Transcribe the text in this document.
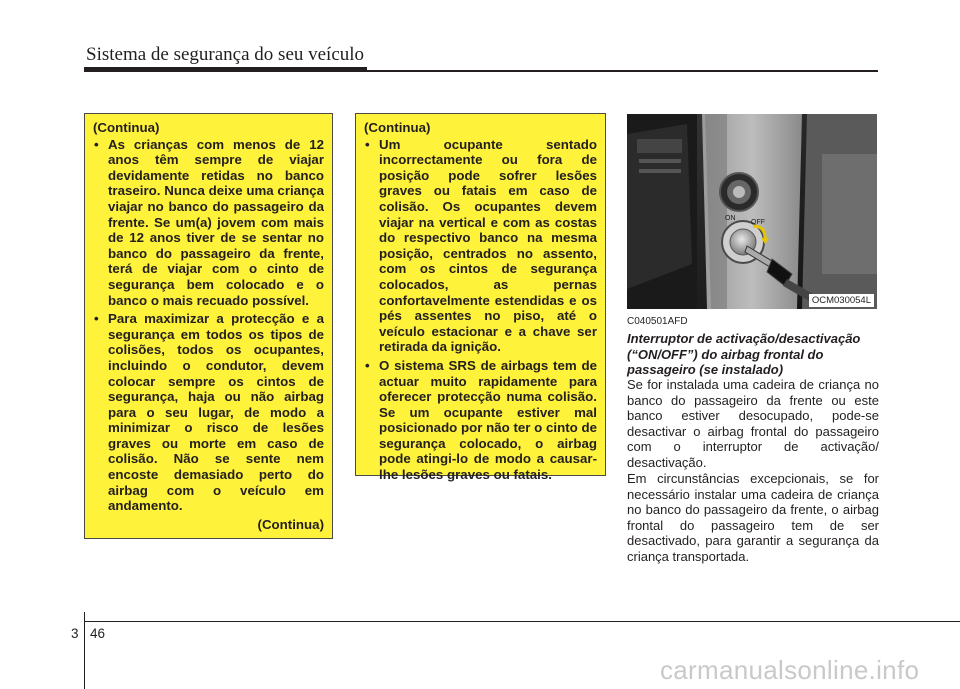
Sistema de segurança do seu veículo
(Continua)
• As crianças com menos de 12 anos têm sempre de viajar devidamente retidas no banco traseiro. Nunca deixe uma criança viajar no banco do passageiro da frente. Se um(a) jovem com mais de 12 anos tiver de se sentar no banco do passageiro da frente, terá de viajar com o cinto de segurança bem colocado e o banco o mais recuado possível.
• Para maximizar a protecção e a segurança em todos os tipos de colisões, todos os ocupantes, incluindo o condutor, devem colocar sempre os cintos de segurança, haja ou não airbag para o seu lugar, de modo a minimizar o risco de lesões graves ou morte em caso de colisão. Não se sente nem encoste demasiado perto do airbag com o veículo em andamento.
(Continua)
(Continua)
• Um ocupante sentado incorrectamente ou fora de posição pode sofrer lesões graves ou fatais em caso de colisão. Os ocupantes devem viajar na vertical e com as costas do respectivo banco na mesma posição, centrados no assento, com os cintos de segurança colocados, as pernas confortavelmente estendidas e os pés assentes no piso, até o veículo estacionar e a chave ser retirada da ignição.
• O sistema SRS de airbags tem de actuar muito rapidamente para oferecer protecção numa colisão. Se um ocupante estiver mal posicionado por não ter o cinto de segurança colocado, o airbag pode atingi-lo de modo a causar-lhe lesões graves ou fatais.
ON
OFF
OCM030054L
C040501AFD
Interruptor de activação/desactivação (“ON/OFF”) do airbag frontal do passageiro (se instalado)

Se for instalada uma cadeira de criança no banco do passageiro da frente ou este banco estiver desocupado, pode-se desactivar o airbag frontal do passageiro com o interruptor de activação/ desactivação.

Em circunstâncias excepcionais, se for necessário instalar uma cadeira de criança no banco do passageiro da frente, o airbag frontal do passageiro tem de ser desactivado, para garantir a segurança da criança transportada.

3 46
carmanualsonline.info
